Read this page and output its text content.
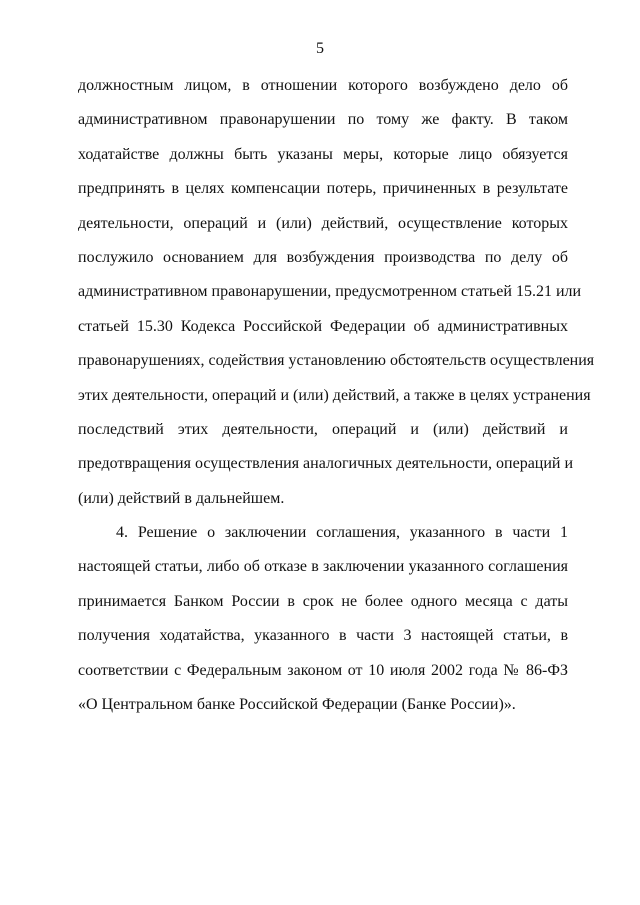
5
должностным лицом, в отношении которого возбуждено дело об
административном правонарушении по тому же факту. В таком
ходатайстве должны быть указаны меры, которые лицо обязуется
предпринять в целях компенсации потерь, причиненных в результате
деятельности, операций и (или) действий, осуществление которых
послужило основанием для возбуждения производства по делу об
административном правонарушении, предусмотренном статьей 15.21 или
статьей 15.30 Кодекса Российской Федерации об административных
правонарушениях, содействия установлению обстоятельств осуществления
этих деятельности, операций и (или) действий, а также в целях устранения
последствий этих деятельности, операций и (или) действий и
предотвращения осуществления аналогичных деятельности, операций и
(или) действий в дальнейшем.
4. Решение о заключении соглашения, указанного в части 1
настоящей статьи, либо об отказе в заключении указанного соглашения
принимается Банком России в срок не более одного месяца с даты
получения ходатайства, указанного в части 3 настоящей статьи, в
соответствии с Федеральным законом от 10 июля 2002 года № 86-ФЗ
«О Центральном банке Российской Федерации (Банке России)».
